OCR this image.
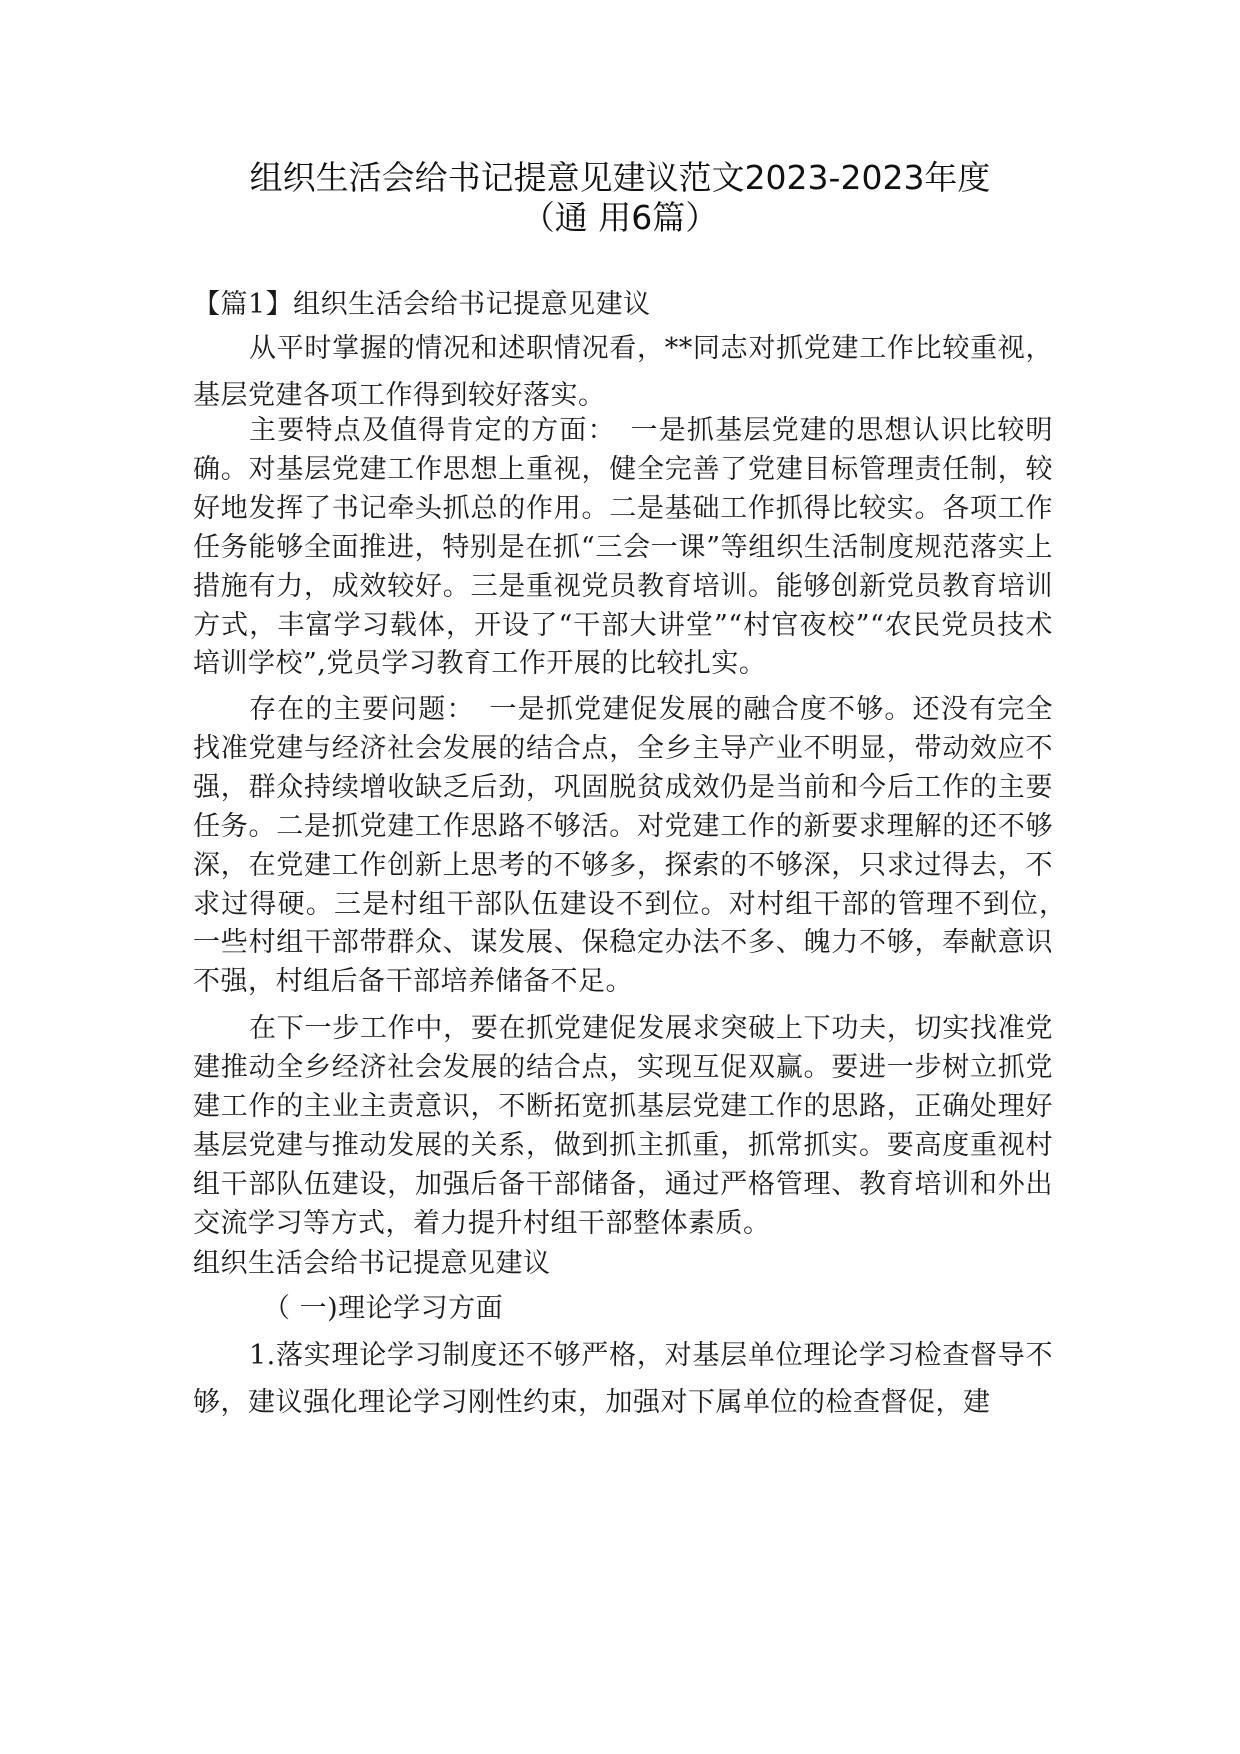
组织生活会给书记提意见建议范文2023-2023年度
（通 用6篇）

【篇1】组织生活会给书记提意见建议

从平时掌握的情况和述职情况看，**同志对抓党建工作比较重视，基层党建各项工作得到较好落实。

主要特点及值得肯定的方面：　一是抓基层党建的思想认识比较明确。对基层党建工作思想上重视，健全完善了党建目标管理责任制，较好地发挥了书记牵头抓总的作用。二是基础工作抓得比较实。各项工作任务能够全面推进，特别是在抓“三会一课”等组织生活制度规范落实上措施有力，成效较好。三是重视党员教育培训。能够创新党员教育培训方式，丰富学习载体，开设了“干部大讲堂”“村官夜校”“农民党员技术培训学校”,党员学习教育工作开展的比较扎实。

存在的主要问题：　一是抓党建促发展的融合度不够。还没有完全找准党建与经济社会发展的结合点，全乡主导产业不明显，带动效应不强，群众持续增收缺乏后劲，巩固脱贫成效仍是当前和今后工作的主要任务。二是抓党建工作思路不够活。对党建工作的新要求理解的还不够深，在党建工作创新上思考的不够多，探索的不够深，只求过得去，不求过得硬。三是村组干部队伍建设不到位。对村组干部的管理不到位，　一些村组干部带群众、谋发展、保稳定办法不多、魄力不够，奉献意识不强，村组后备干部培养储备不足。

在下一步工作中，要在抓党建促发展求突破上下功夫，切实找准党建推动全乡经济社会发展的结合点，实现互促双赢。要进一步树立抓党建工作的主业主责意识，不断拓宽抓基层党建工作的思路，正确处理好基层党建与推动发展的关系，做到抓主抓重，抓常抓实。要高度重视村组干部队伍建设，加强后备干部储备，通过严格管理、教育培训和外出交流学习等方式，着力提升村组干部整体素质。

组织生活会给书记提意见建议

（ 一)理论学习方面

1.落实理论学习制度还不够严格，对基层单位理论学习检查督导不够，建议强化理论学习刚性约束，加强对下属单位的检查督促，建
